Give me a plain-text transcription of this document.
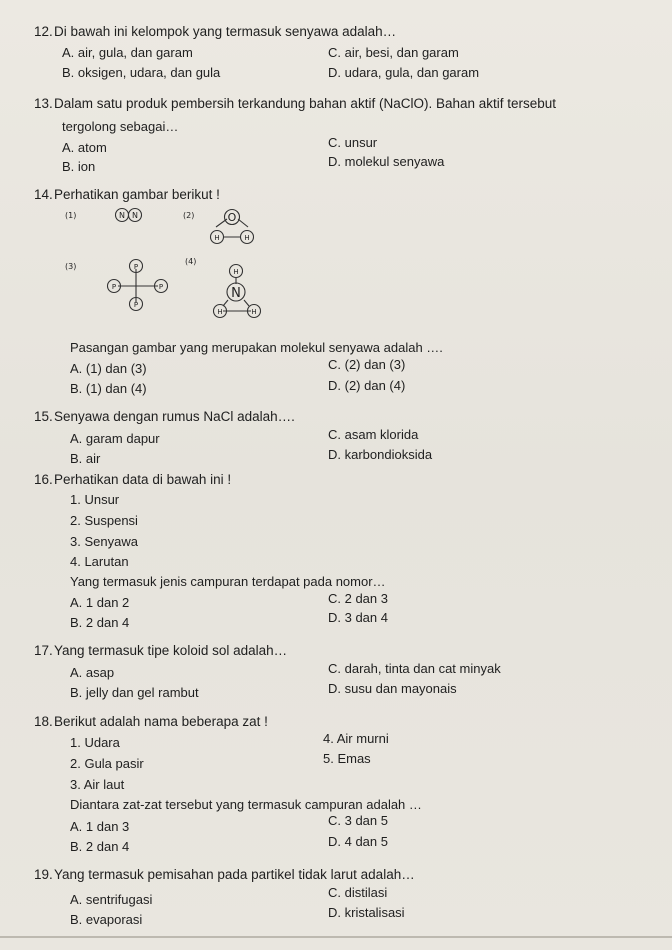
12.Di bawah ini kelompok yang termasuk senyawa adalah…
A. air, gula, dan garam	C. air, besi, dan garam
B. oksigen, udara, dan gula	D. udara, gula, dan garam
13.Dalam satu produk pembersih terkandung bahan aktif (NaClO). Bahan aktif tersebut
tergolong sebagai…
A. atom	C. unsur
B. ion	D. molekul senyawa
14.Perhatikan gambar berikut !
(1)	N N	(2)	O
H	H
(3)	P
P	P
P
(4)
H
N
H	H
Pasangan gambar yang merupakan molekul senyawa adalah ….
A. (1) dan (3)	C. (2) dan (3)
B. (1) dan (4)	D. (2) dan (4)
15.Senyawa dengan rumus NaCl adalah….
A. garam dapur	C. asam klorida
B. air	D. karbondioksida
16.Perhatikan data di bawah ini !
1. Unsur
2. Suspensi
3. Senyawa
4. Larutan
Yang termasuk jenis campuran terdapat pada nomor…
A. 1 dan 2	C. 2 dan 3
B. 2 dan 4	D. 3 dan 4
17.Yang termasuk tipe koloid sol adalah…
A. asap	C. darah, tinta dan cat minyak
B. jelly dan gel rambut	D. susu dan mayonais
18.Berikut adalah nama beberapa zat !
1. Udara	4. Air murni
2. Gula pasir	5. Emas
3. Air laut
Diantara zat-zat tersebut yang termasuk campuran adalah …
A. 1 dan 3	C. 3 dan 5
B. 2 dan 4	D. 4 dan 5
19.Yang termasuk pemisahan pada partikel tidak larut adalah…
A. sentrifugasi	C. distilasi
B. evaporasi	D. kristalisasi
